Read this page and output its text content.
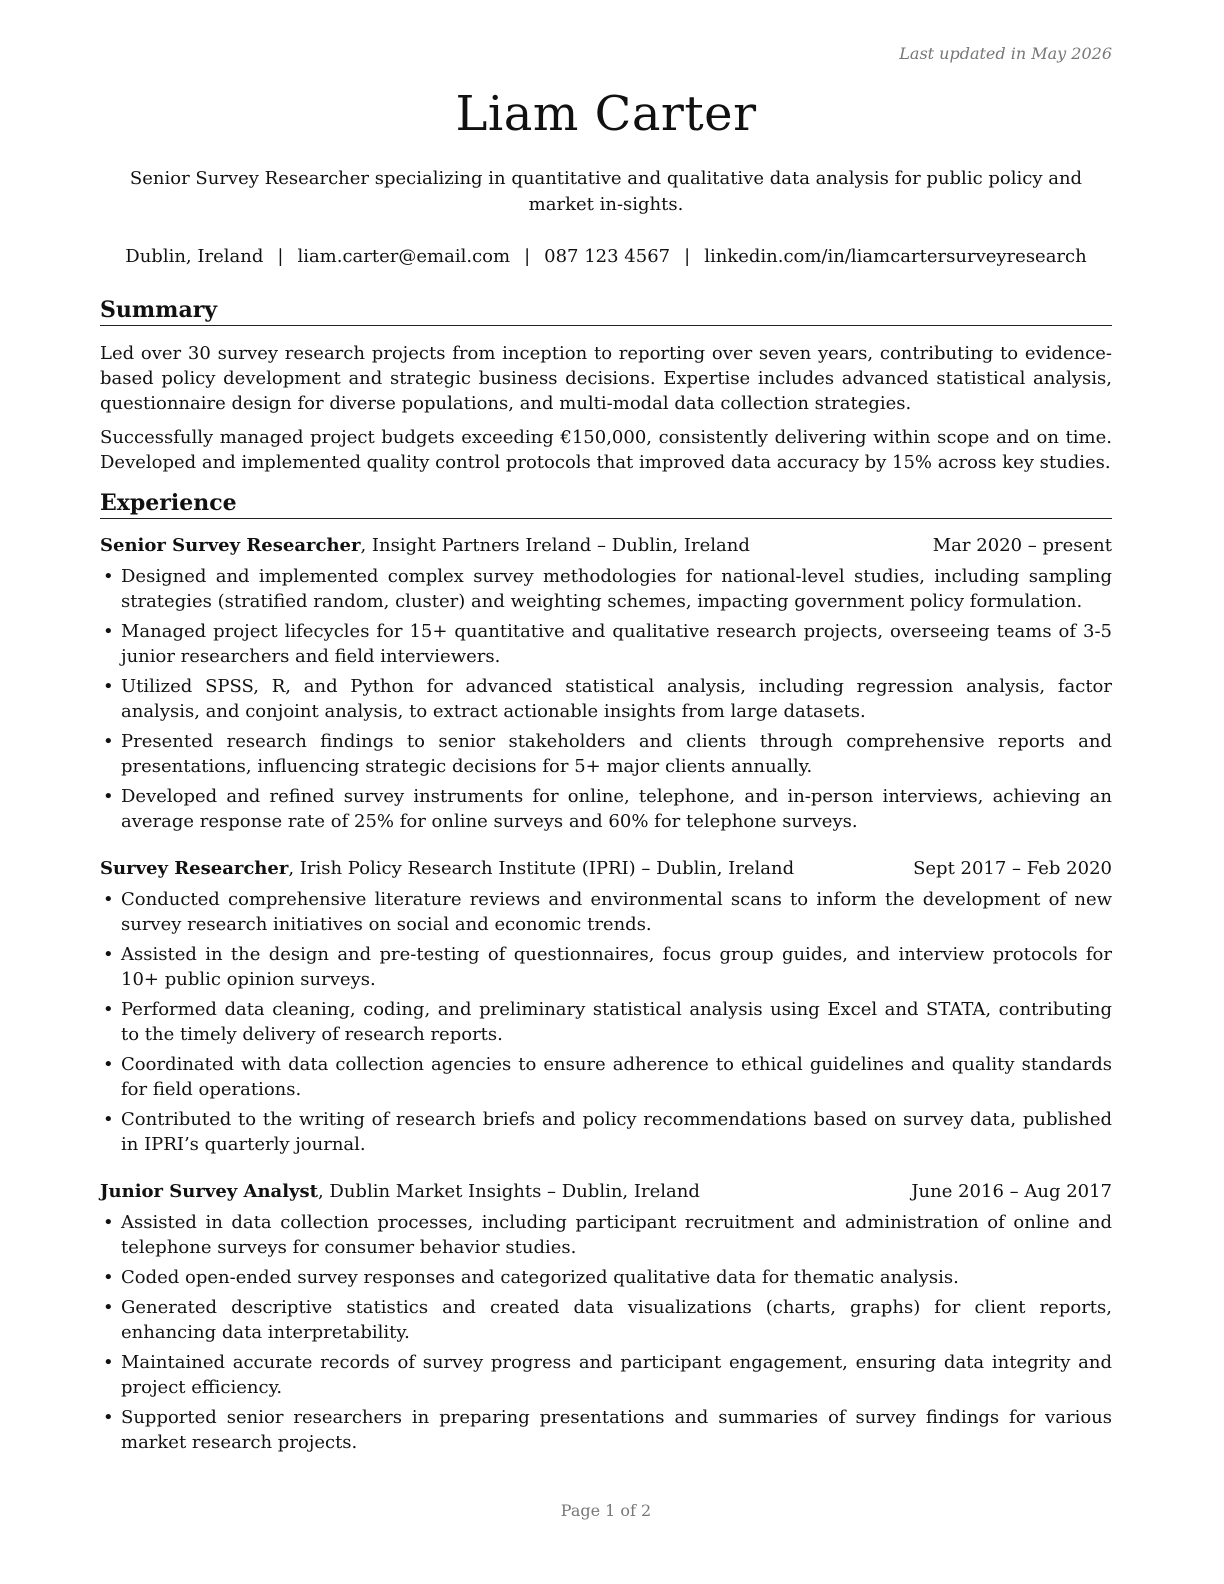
Last updated in May 2026
Liam Carter
Senior Survey Researcher specializing in quantitative and qualitative data analysis for public policy and market in-sights.
Dublin, Ireland | liam.carter@email.com | 087 123 4567 | linkedin.com/in/liamcartersurveyresearch
Summary

Led over 30 survey research projects from inception to reporting over seven years, contributing to evidence-based policy development and strategic business decisions. Expertise includes advanced statistical analysis, questionnaire design for diverse populations, and multi-modal data collection strategies.

Successfully managed project budgets exceeding €150,000, consistently delivering within scope and on time. Developed and implemented quality control protocols that improved data accuracy by 15% across key studies.

Experience
Senior Survey Researcher, Insight Partners Ireland – Dublin, Ireland	Mar 2020 – present
• Designed and implemented complex survey methodologies for national-level studies, including sampling strategies (stratified random, cluster) and weighting schemes, impacting government policy formulation.
• Managed project lifecycles for 15+ quantitative and qualitative research projects, overseeing teams of 3-5 junior researchers and field interviewers.
• Utilized SPSS, R, and Python for advanced statistical analysis, including regression analysis, factor analysis, and conjoint analysis, to extract actionable insights from large datasets.
• Presented research findings to senior stakeholders and clients through comprehensive reports and presentations, influencing strategic decisions for 5+ major clients annually.
• Developed and refined survey instruments for online, telephone, and in-person interviews, achieving an average response rate of 25% for online surveys and 60% for telephone surveys.
Survey Researcher, Irish Policy Research Institute (IPRI) – Dublin, Ireland	Sept 2017 – Feb 2020
• Conducted comprehensive literature reviews and environmental scans to inform the development of new survey research initiatives on social and economic trends.
• Assisted in the design and pre-testing of questionnaires, focus group guides, and interview protocols for 10+ public opinion surveys.
• Performed data cleaning, coding, and preliminary statistical analysis using Excel and STATA, contributing to the timely delivery of research reports.
• Coordinated with data collection agencies to ensure adherence to ethical guidelines and quality standards for field operations.
• Contributed to the writing of research briefs and policy recommendations based on survey data, published in IPRI’s quarterly journal.
Junior Survey Analyst, Dublin Market Insights – Dublin, Ireland	June 2016 – Aug 2017
• Assisted in data collection processes, including participant recruitment and administration of online and telephone surveys for consumer behavior studies.
• Coded open-ended survey responses and categorized qualitative data for thematic analysis.
• Generated descriptive statistics and created data visualizations (charts, graphs) for client reports, enhancing data interpretability.
• Maintained accurate records of survey progress and participant engagement, ensuring data integrity and project efficiency.
• Supported senior researchers in preparing presentations and summaries of survey findings for various market research projects.
Page 1 of 2
